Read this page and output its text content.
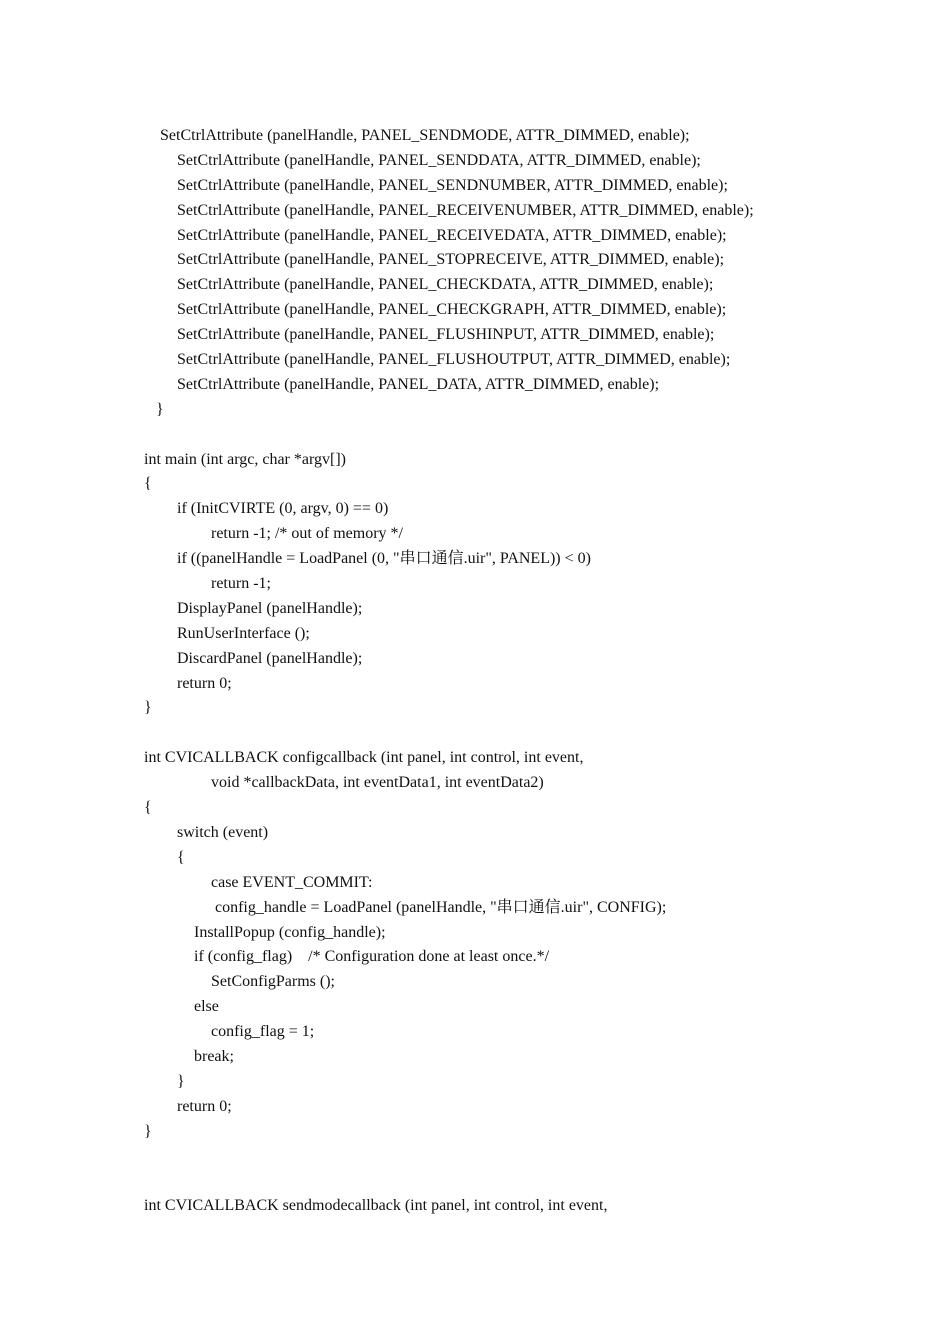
SetCtrlAttribute (panelHandle, PANEL_SENDMODE, ATTR_DIMMED, enable);
SetCtrlAttribute (panelHandle, PANEL_SENDDATA, ATTR_DIMMED, enable);
SetCtrlAttribute (panelHandle, PANEL_SENDNUMBER, ATTR_DIMMED, enable);
SetCtrlAttribute (panelHandle, PANEL_RECEIVENUMBER, ATTR_DIMMED, enable);
SetCtrlAttribute (panelHandle, PANEL_RECEIVEDATA, ATTR_DIMMED, enable);
SetCtrlAttribute (panelHandle, PANEL_STOPRECEIVE, ATTR_DIMMED, enable);
SetCtrlAttribute (panelHandle, PANEL_CHECKDATA, ATTR_DIMMED, enable);
SetCtrlAttribute (panelHandle, PANEL_CHECKGRAPH, ATTR_DIMMED, enable);
SetCtrlAttribute (panelHandle, PANEL_FLUSHINPUT, ATTR_DIMMED, enable);
SetCtrlAttribute (panelHandle, PANEL_FLUSHOUTPUT, ATTR_DIMMED, enable);
SetCtrlAttribute (panelHandle, PANEL_DATA, ATTR_DIMMED, enable);
}
int main (int argc, char *argv[])
{
if (InitCVIRTE (0, argv, 0) == 0)
return -1; /* out of memory */
if ((panelHandle = LoadPanel (0, "串口通信.uir", PANEL)) < 0)
return -1;
DisplayPanel (panelHandle);
RunUserInterface ();
DiscardPanel (panelHandle);
return 0;
}
int CVICALLBACK configcallback (int panel, int control, int event,
void *callbackData, int eventData1, int eventData2)
{
switch (event)
{
case EVENT_COMMIT:
config_handle = LoadPanel (panelHandle, "串口通信.uir", CONFIG);
InstallPopup (config_handle);
if (config_flag)    /* Configuration done at least once.*/
SetConfigParms ();
else
config_flag = 1;
break;
}
return 0;
}
int CVICALLBACK sendmodecallback (int panel, int control, int event,
